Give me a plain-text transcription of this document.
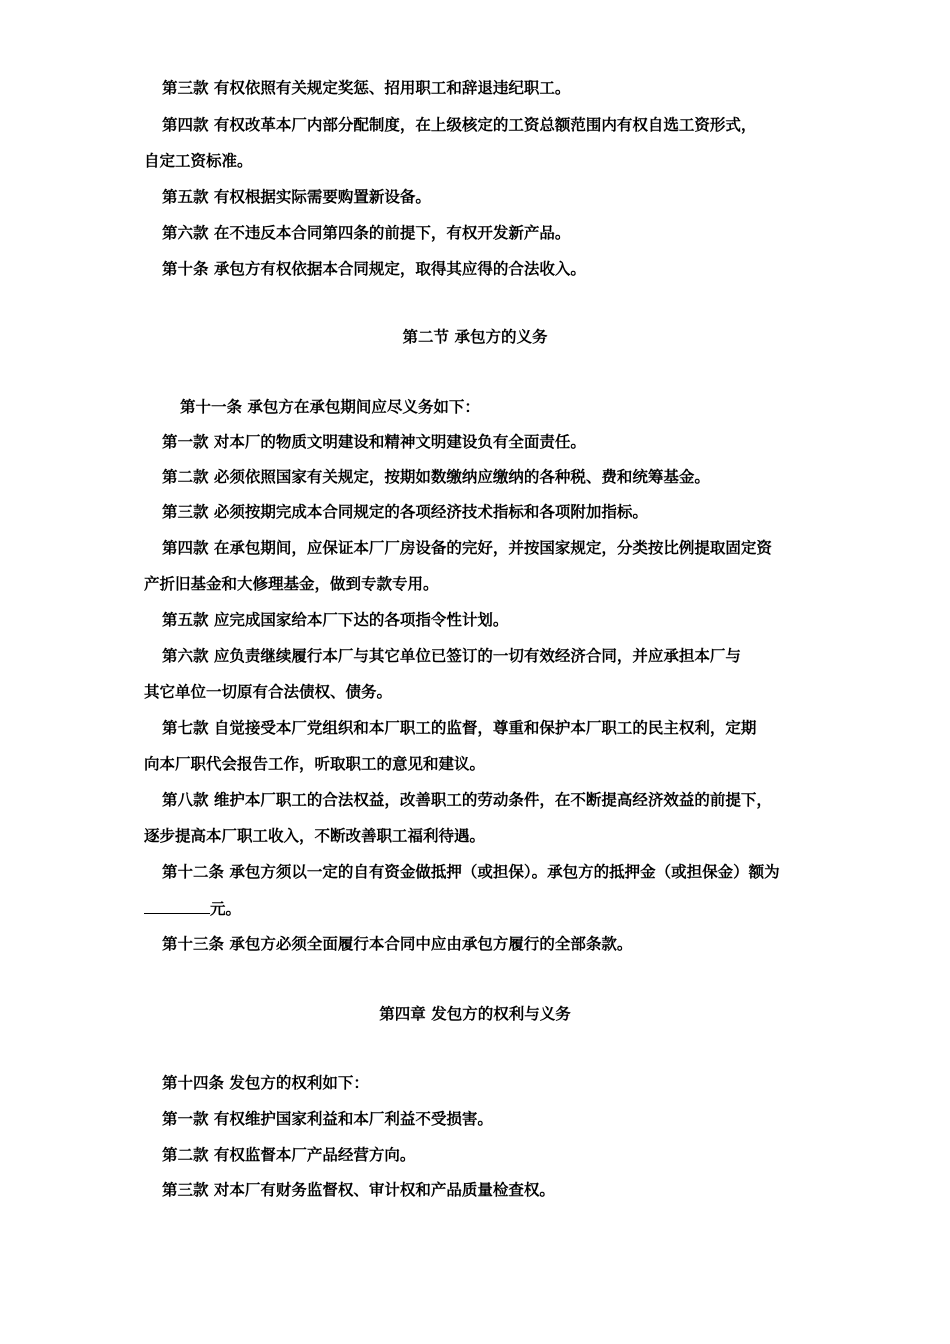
第三款 有权依照有关规定奖惩、招用职工和辞退违纪职工。
第四款 有权改革本厂内部分配制度，在上级核定的工资总额范围内有权自选工资形式，
自定工资标准。
第五款 有权根据实际需要购置新设备。
第六款 在不违反本合同第四条的前提下，有权开发新产品。
第十条 承包方有权依据本合同规定，取得其应得的合法收入。
第二节 承包方的义务
第十一条 承包方在承包期间应尽义务如下：
第一款 对本厂的物质文明建设和精神文明建设负有全面责任。
第二款 必须依照国家有关规定，按期如数缴纳应缴纳的各种税、费和统筹基金。
第三款 必须按期完成本合同规定的各项经济技术指标和各项附加指标。
第四款 在承包期间，应保证本厂厂房设备的完好，并按国家规定，分类按比例提取固定资
产折旧基金和大修理基金，做到专款专用。
第五款 应完成国家给本厂下达的各项指令性计划。
第六款 应负责继续履行本厂与其它单位已签订的一切有效经济合同，并应承担本厂与
其它单位一切原有合法债权、债务。
第七款 自觉接受本厂党组织和本厂职工的监督，尊重和保护本厂职工的民主权利，定期
向本厂职代会报告工作，听取职工的意见和建议。
第八款 维护本厂职工的合法权益，改善职工的劳动条件，在不断提高经济效益的前提下，
逐步提高本厂职工收入，不断改善职工福利待遇。
第十二条 承包方须以一定的自有资金做抵押（或担保）。承包方的抵押金（或担保金）额为
元。
第十三条 承包方必须全面履行本合同中应由承包方履行的全部条款。
第四章 发包方的权利与义务
第十四条 发包方的权利如下：
第一款 有权维护国家利益和本厂利益不受损害。
第二款 有权监督本厂产品经营方向。
第三款 对本厂有财务监督权、审计权和产品质量检查权。
